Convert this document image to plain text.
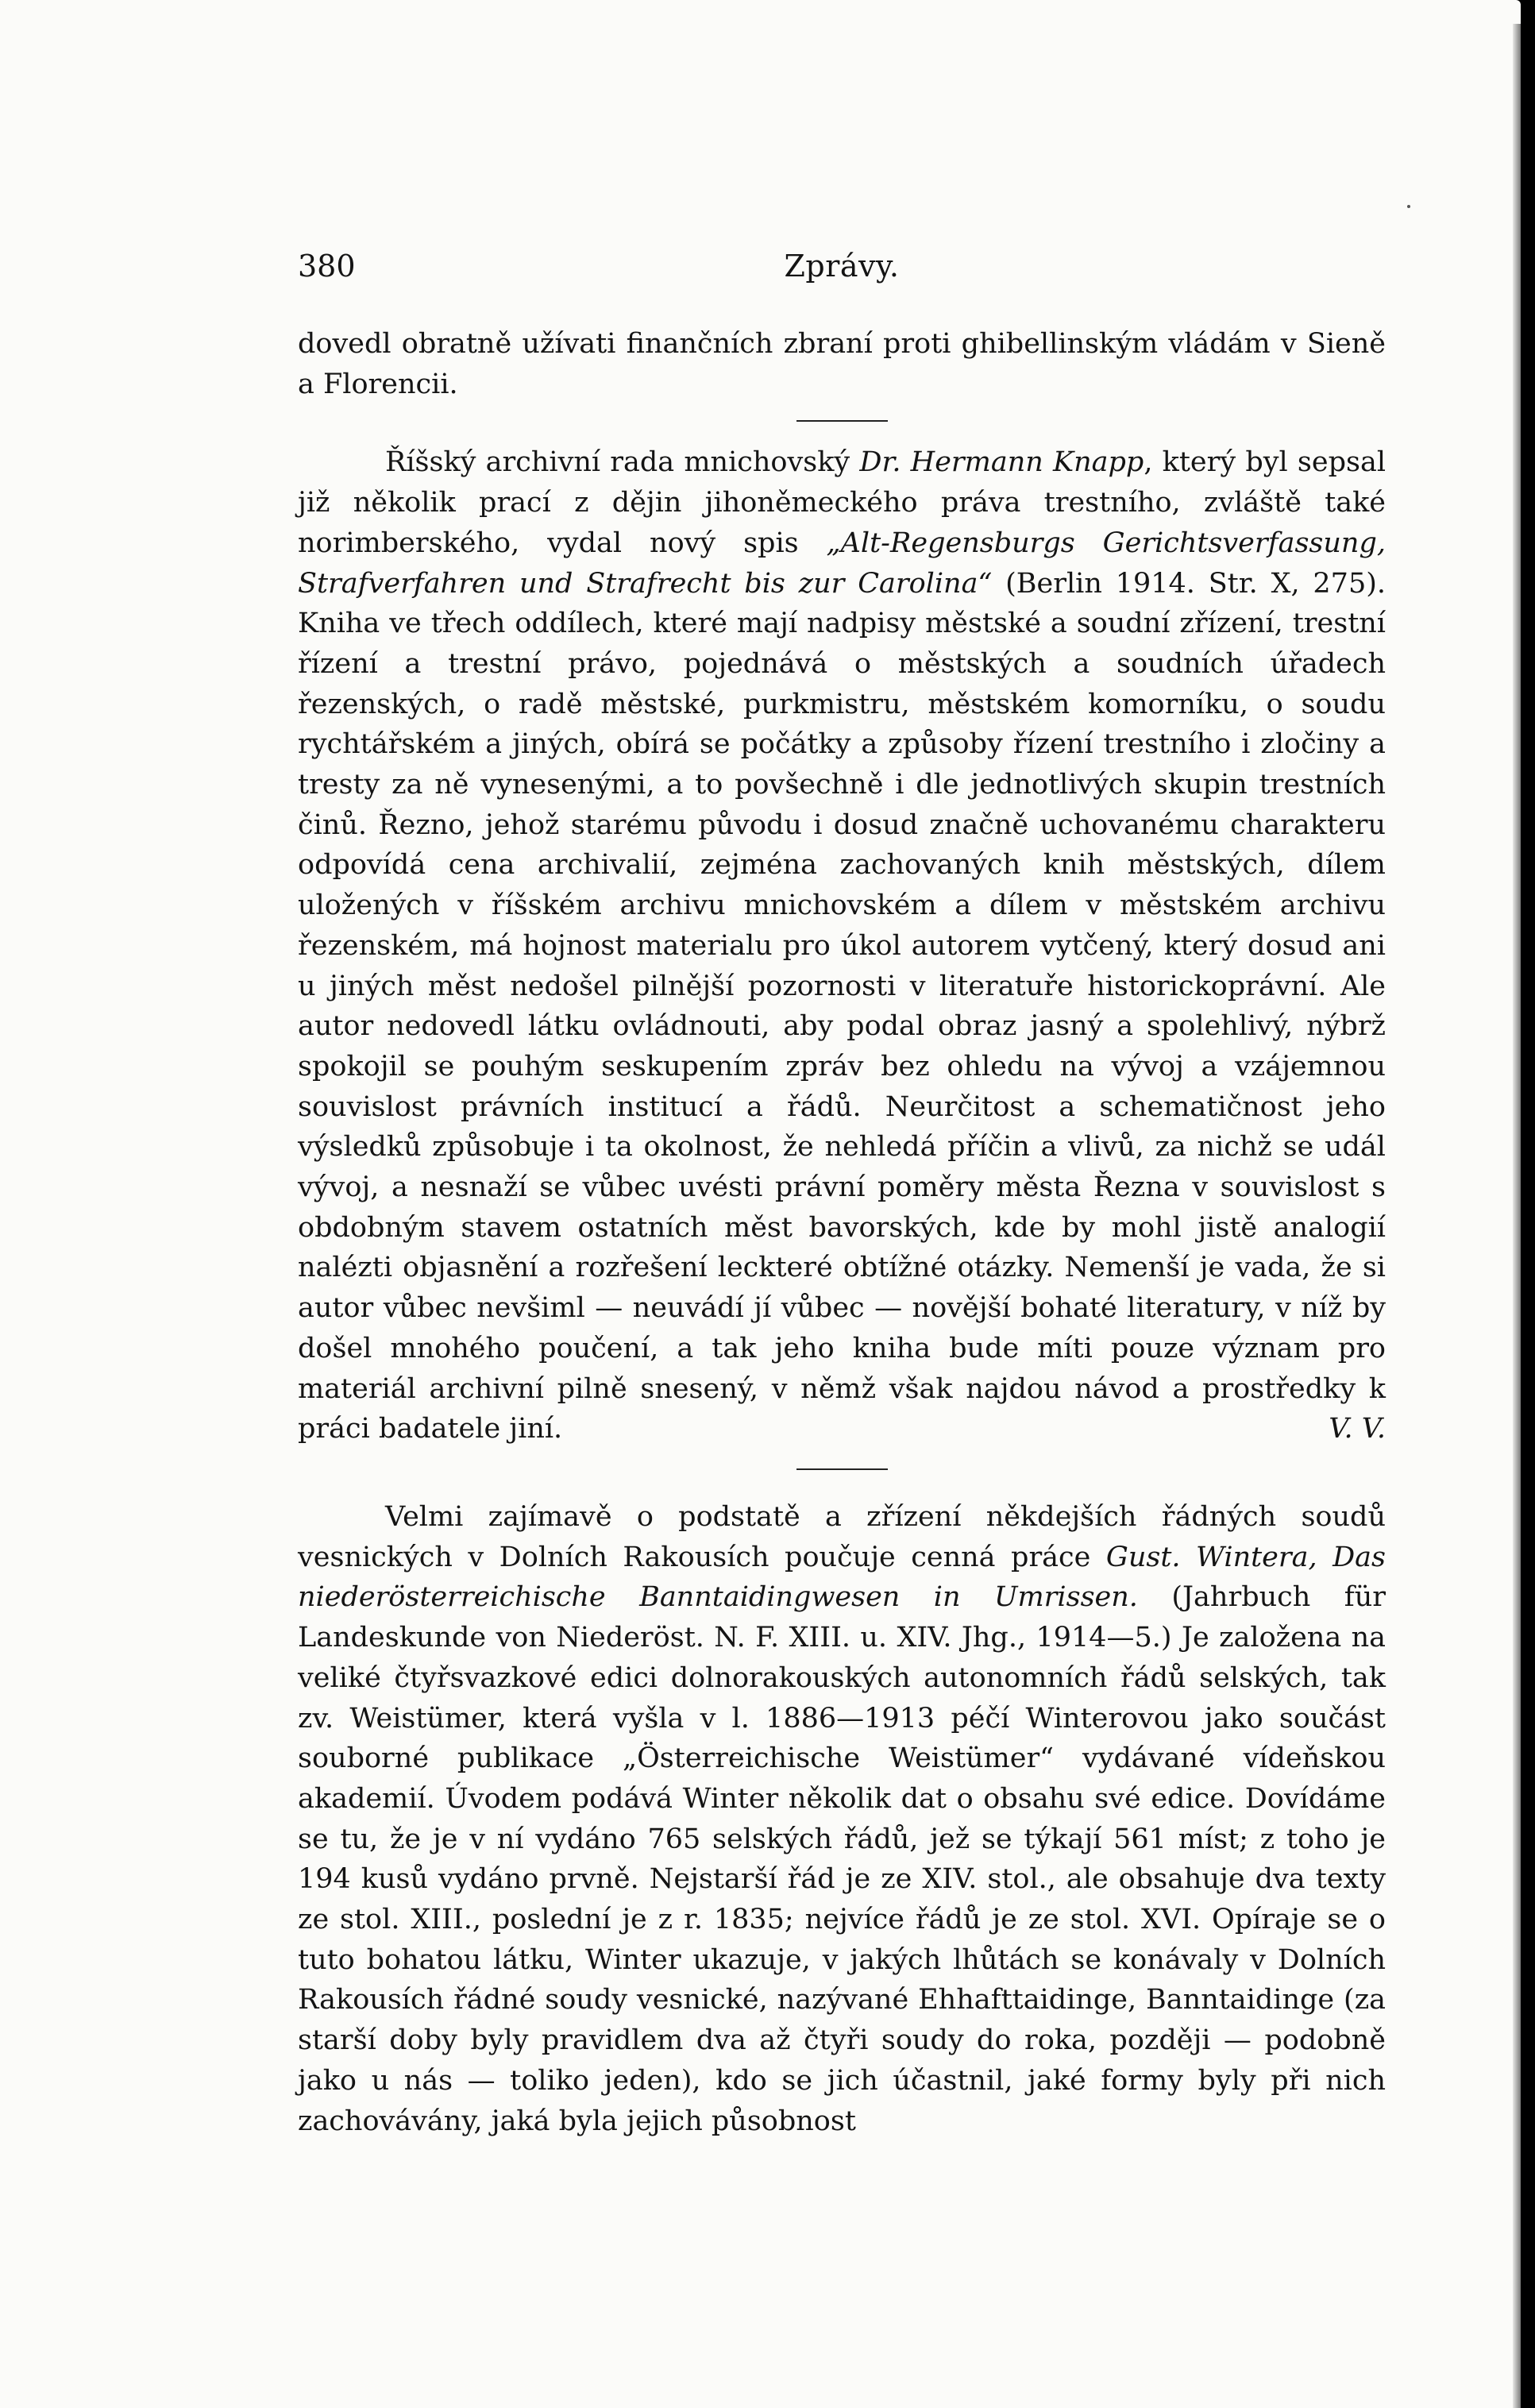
380	Zprávy.

dovedl obratně užívati finančních zbraní proti ghibellinským vládám v Sieně a Florencii.

Říšský archivní rada mnichovský Dr. Hermann Knapp, který byl sepsal již několik prací z dějin jihoněmeckého práva trestního, zvláště také norimberského, vydal nový spis „Alt-Regensburgs Gerichtsverfassung, Strafverfahren und Strafrecht bis zur Carolina“ (Berlin 1914. Str. X, 275). Kniha ve třech oddílech, které mají nadpisy městské a soudní zřízení, trestní řízení a trestní právo, pojednává o městských a soudních úřadech řezenských, o radě městské, purkmistru, městském komorníku, o soudu rychtářském a jiných, obírá se počátky a způsoby řízení trestního i zločiny a tresty za ně vynesenými, a to povšechně i dle jednotlivých skupin trestních činů. Řezno, jehož starému původu i dosud značně uchovanému charakteru odpovídá cena archivalií, zejména zachovaných knih městských, dílem uložených v říšském archivu mnichovském a dílem v městském archivu řezenském, má hojnost materialu pro úkol autorem vytčený, který dosud ani u jiných měst nedošel pilnější pozornosti v literatuře historickoprávní. Ale autor nedovedl látku ovládnouti, aby podal obraz jasný a spolehlivý, nýbrž spokojil se pouhým seskupením zpráv bez ohledu na vývoj a vzájemnou souvislost právních institucí a řádů. Neurčitost a schematičnost jeho výsledků způsobuje i ta okolnost, že nehledá příčin a vlivů, za nichž se udál vývoj, a nesnaží se vůbec uvésti právní poměry města Řezna v souvislost s obdobným stavem ostatních měst bavorských, kde by mohl jistě analogií nalézti objasnění a rozřešení leckteré obtížné otázky. Nemenší je vada, že si autor vůbec nevšiml — neuvádí jí vůbec — novější bohaté literatury, v níž by došel mnohého poučení, a tak jeho kniha bude míti pouze význam pro materiál archivní pilně snesený, v němž však najdou návod a prostředky k práci badatele jiní.	V. V.

Velmi zajímavě o podstatě a zřízení někdejších řádných soudů vesnických v Dolních Rakousích poučuje cenná práce Gust. Wintera, Das niederösterreichische Banntaidingwesen in Umrissen. (Jahrbuch für Landeskunde von Niederöst. N. F. XIII. u. XIV. Jhg., 1914—5.) Je založena na veliké čtyřsvazkové edici dolnorakouských autonomních řádů selských, tak zv. Weistümer, která vyšla v l. 1886—1913 péčí Winterovou jako součást souborné publikace „Österreichische Weistümer“ vydávané vídeňskou akademií. Úvodem podává Winter několik dat o obsahu své edice. Dovídáme se tu, že je v ní vydáno 765 selských řádů, jež se týkají 561 míst; z toho je 194 kusů vydáno prvně. Nejstarší řád je ze XIV. stol., ale obsahuje dva texty ze stol. XIII., poslední je z r. 1835; nejvíce řádů je ze stol. XVI. Opíraje se o tuto bohatou látku, Winter ukazuje, v jakých lhůtách se konávaly v Dolních Rakousích řádné soudy vesnické, nazývané Ehhafttaidinge, Banntaidinge (za starší doby byly pravidlem dva až čtyři soudy do roka, později — podobně jako u nás — toliko jeden), kdo se jich účastnil, jaké formy byly při nich zachovávány, jaká byla jejich působnost
